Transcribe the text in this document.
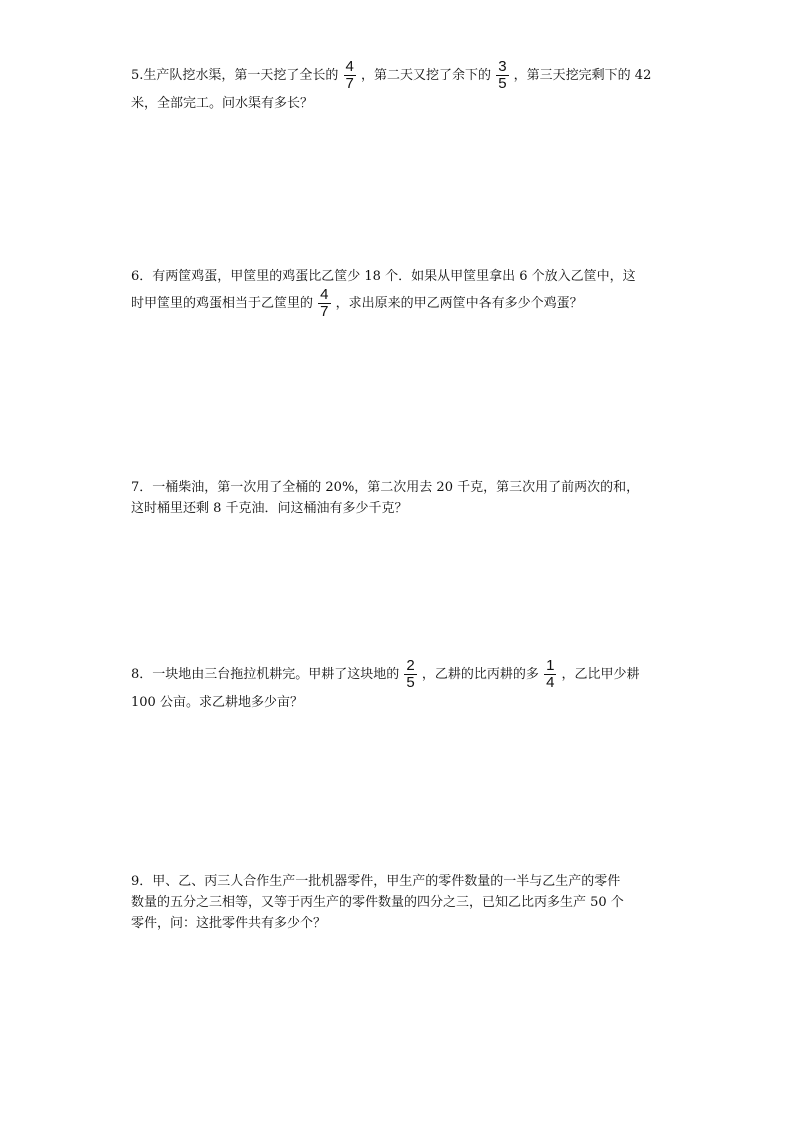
5.生产队挖水渠，第一天挖了全长的 $\frac{4}{7}$ ，第二天又挖了余下的 $\frac{3}{5}$ ，第三天挖完剩下的 42
米，全部完工。问水渠有多长？
6．有两筐鸡蛋，甲筐里的鸡蛋比乙筐少 18 个．如果从甲筐里拿出 6 个放入乙筐中，这
时甲筐里的鸡蛋相当于乙筐里的 $\frac{4}{7}$ ，求出原来的甲乙两筐中各有多少个鸡蛋？
7．一桶柴油，第一次用了全桶的 20%，第二次用去 20 千克，第三次用了前两次的和，
这时桶里还剩 8 千克油．问这桶油有多少千克？
8．一块地由三台拖拉机耕完。甲耕了这块地的 $\frac{2}{5}$ ，乙耕的比丙耕的多 $\frac{1}{4}$ ，乙比甲少耕
100 公亩。求乙耕地多少亩？
9．甲、乙、丙三人合作生产一批机器零件，甲生产的零件数量的一半与乙生产的零件
数量的五分之三相等，又等于丙生产的零件数量的四分之三，已知乙比丙多生产 50 个
零件，问：这批零件共有多少个？
